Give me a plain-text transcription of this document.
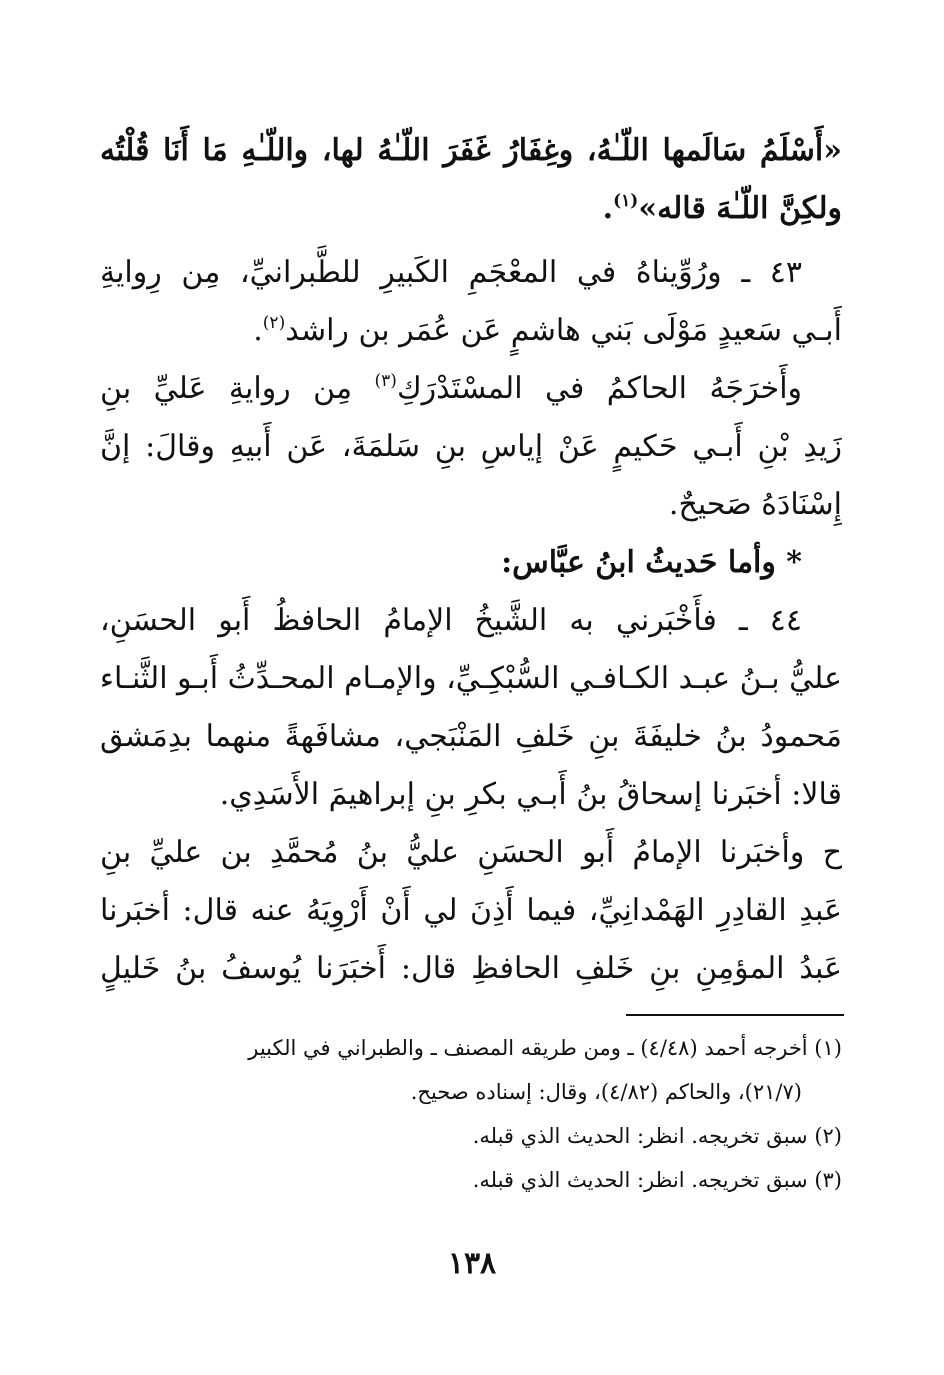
«أَسْلَمُ سَالَمها اللّـٰهُ، وغِفَارُ غَفَرَ اللّـٰهُ لها، واللّـٰهِ مَا أَنَا قُلْتُه
ولكِنَّ اللّـٰهَ قاله»$^{(١)}$.
٤٣ ـ ورُوِّيناهُ في المعْجَمِ الكَبيرِ للطَّبرانيِّ، مِن رِوايةِ
أَبـي سَعيدٍ مَوْلَى بَني هاشمٍ عَن عُمَر بن راشد$^{(٢)}$.
وأَخرَجَهُ الحاكمُ في المسْتَدْرَكِ$^{(٣)}$ مِن روايةِ عَليِّ بنِ
زَيدِ بْنِ أَبـي حَكيمٍ عَنْ إياسِ بنِ سَلمَةَ، عَن أَبيهِ وقالَ: إنَّ
إِسْنَادَهُ صَحيحٌ.
* وأما حَديثُ ابنُ عبَّاس:
٤٤ ـ فأَخْبَرني به الشَّيخُ الإمامُ الحافظُ أَبو الحسَنِ،
عليُّ بـنُ عبـد الكـافـي السُّبْكِـيِّ، والإمـام المحـدِّثُ أَبـو الثَّنـاء
مَحمودُ بنُ خليفَةَ بنِ خَلفِ المَنْبَجي، مشافَهةً منهما بدِمَشق
قالا: أخبَرنا إسحاقُ بنُ أَبـي بكرِ بنِ إبراهيمَ الأَسَدِي.
ح وأخبَرنا الإمامُ أَبو الحسَنِ عليُّ بنُ مُحمَّدِ بن عليِّ بنِ
عَبدِ القادِرِ الهَمْدانِيِّ، فيما أَذِنَ لي أَنْ أَرْوِيَهُ عنه قال: أخبَرنا
عَبدُ المؤمِنِ بنِ خَلفِ الحافظِ قال: أَخبَرَنا يُوسفُ بنُ خَليلٍ
(١) أخرجه أحمد (٤/٤٨) ـ ومن طريقه المصنف ـ والطبراني في الكبير
(٢١/٧)، والحاكم (٤/٨٢)، وقال: إسناده صحيح.
(٢) سبق تخريجه. انظر: الحديث الذي قبله.
(٣) سبق تخريجه. انظر: الحديث الذي قبله.
١٣٨
